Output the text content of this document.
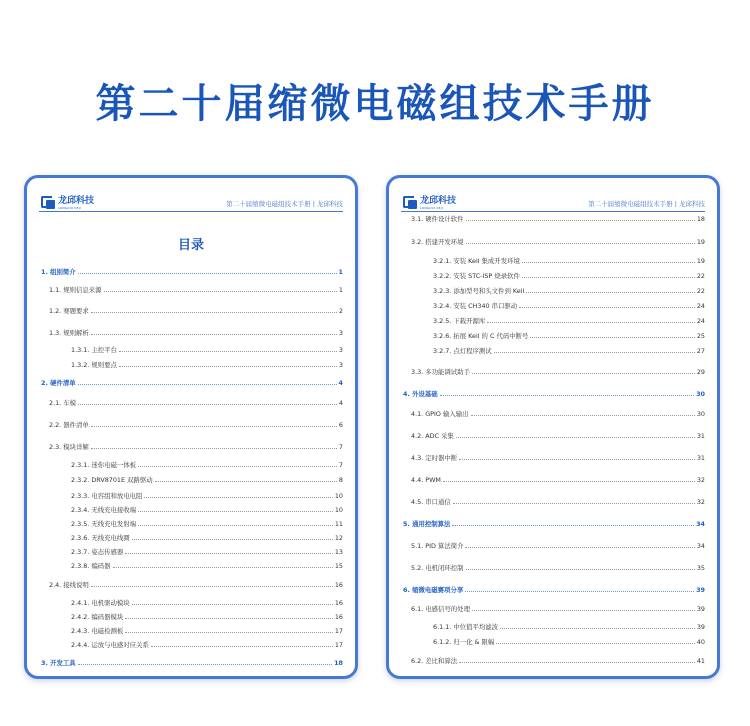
第二十届缩微电磁组技术手册
龙邱科技
LONGQIU KEJI	第二十届缩微电磁组技术手册 | 龙邱科技
目录
1. 组别简介	1
1.1. 规则信息来源	1
1.2. 赛题要求	2
1.3. 规则解析	3
1.3.1. 主控平台	3
1.3.2. 规则要点	3
2. 硬件清单	4
2.1. 车模	4
2.2. 器件清单	6
2.3. 模块详解	7
2.3.1. 迷你电磁一体板	7
2.3.2. DRV8701E 双路驱动	8
2.3.3. 电容组和放电电阻	10
2.3.4. 无线充电接收端	10
2.3.5. 无线充电发射端	11
2.3.6. 无线充电线圈	12
2.3.7. 姿态传感器	13
2.3.8. 编码器	15
2.4. 接线说明	16
2.4.1. 电机驱动模块	16
2.4.2. 编码器模块	16
2.4.3. 电磁检测板	17
2.4.4. 运放与电感对应关系	17
3. 开发工具	18
龙邱科技
LONGQIU KEJI	第二十届缩微电磁组技术手册 | 龙邱科技
3.1. 硬件设计软件	18
3.2. 搭建开发环境	19
3.2.1. 安装 Keil 集成开发环境	19
3.2.2. 安装 STC-ISP 烧录软件	22
3.2.3. 添加型号和头文件到 Keil	22
3.2.4. 安装 CH340 串口驱动	24
3.2.5. 下载开源库	24
3.2.6. 拓展 Keil 的 C 代码中断号	25
3.2.7. 点灯程序测试	27
3.3. 多功能调试助手	29
4. 外设基础	30
4.1. GPIO 输入输出	30
4.2. ADC 采集	31
4.3. 定时器中断	31
4.4. PWM	32
4.5. 串口通信	32
5. 通用控制算法	34
5.1. PID 算法简介	34
5.2. 电机闭环控制	35
6. 缩微电磁赛项分享	39
6.1. 电感信号的处理	39
6.1.1. 中位值平均滤波	39
6.1.2. 归一化 & 限幅	40
6.2. 差比和算法	41
